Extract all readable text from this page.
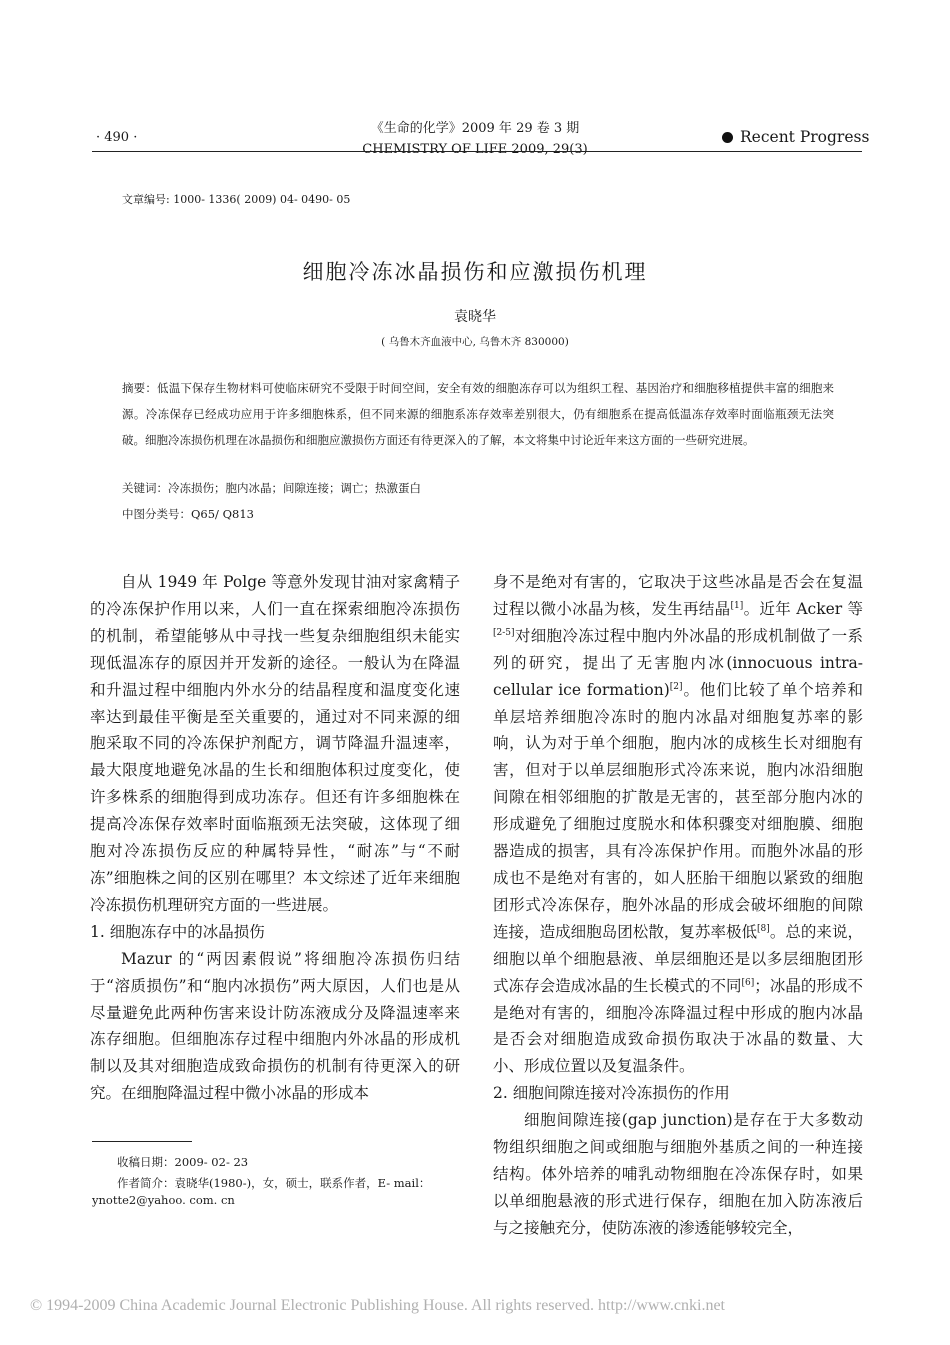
· 490 ·
《生命的化学》2009 年 29 卷 3 期
CHEMISTRY OF LIFE 2009, 29(3)
Recent Progress
文章编号: 1000- 1336( 2009) 04- 0490- 05
细胞冷冻冰晶损伤和应激损伤机理
袁晓华
( 乌鲁木齐血液中心, 乌鲁木齐 830000)
摘要：低温下保存生物材料可使临床研究不受限于时间空间，安全有效的细胞冻存可以为组织工程、基因治疗和细胞移植提供丰富的细胞来源。冷冻保存已经成功应用于许多细胞株系，但不同来源的细胞系冻存效率差别很大，仍有细胞系在提高低温冻存效率时面临瓶颈无法突破。细胞冷冻损伤机理在冰晶损伤和细胞应激损伤方面还有待更深入的了解，本文将集中讨论近年来这方面的一些研究进展。
关键词：冷冻损伤；胞内冰晶；间隙连接；调亡；热激蛋白
中图分类号：Q65/ Q813

自从 1949 年 Polge 等意外发现甘油对家禽精子的冷冻保护作用以来，人们一直在探索细胞冷冻损伤的机制，希望能够从中寻找一些复杂细胞组织未能实现低温冻存的原因并开发新的途径。一般认为在降温和升温过程中细胞内外水分的结晶程度和温度变化速率达到最佳平衡是至关重要的，通过对不同来源的细胞采取不同的冷冻保护剂配方，调节降温升温速率，最大限度地避免冰晶的生长和细胞体积过度变化，使许多株系的细胞得到成功冻存。但还有许多细胞株在提高冷冻保存效率时面临瓶颈无法突破，这体现了细胞对冷冻损伤反应的种属特异性，“耐冻”与“不耐冻”细胞株之间的区别在哪里？本文综述了近年来细胞冷冻损伤机理研究方面的一些进展。

1. 细胞冻存中的冰晶损伤

Mazur 的“两因素假说”将细胞冷冻损伤归结于“溶质损伤”和“胞内冰损伤”两大原因，人们也是从尽量避免此两种伤害来设计防冻液成分及降温速率来冻存细胞。但细胞冻存过程中细胞内外冰晶的形成机制以及其对细胞造成致命损伤的机制有待更深入的研究。在细胞降温过程中微小冰晶的形成本

身不是绝对有害的，它取决于这些冰晶是否会在复温过程以微小冰晶为核，发生再结晶[1]。近年 Acker 等[2-5]对细胞冷冻过程中胞内外冰晶的形成机制做了一系列的研究，提出了无害胞内冰(innocuous intra-cellular ice formation)[2]。他们比较了单个培养和单层培养细胞冷冻时的胞内冰晶对细胞复苏率的影响，认为对于单个细胞，胞内冰的成核生长对细胞有害，但对于以单层细胞形式冷冻来说，胞内冰沿细胞间隙在相邻细胞的扩散是无害的，甚至部分胞内冰的形成避免了细胞过度脱水和体积骤变对细胞膜、细胞器造成的损害，具有冷冻保护作用。而胞外冰晶的形成也不是绝对有害的，如人胚胎干细胞以紧致的细胞团形式冷冻保存，胞外冰晶的形成会破坏细胞的间隙连接，造成细胞岛团松散，复苏率极低[8]。总的来说，细胞以单个细胞悬液、单层细胞还是以多层细胞团形式冻存会造成冰晶的生长模式的不同[6]；冰晶的形成不是绝对有害的，细胞冷冻降温过程中形成的胞内冰晶是否会对细胞造成致命损伤取决于冰晶的数量、大小、形成位置以及复温条件。

2. 细胞间隙连接对冷冻损伤的作用

细胞间隙连接(gap junction)是存在于大多数动物组织细胞之间或细胞与细胞外基质之间的一种连接结构。体外培养的哺乳动物细胞在冷冻保存时，如果以单细胞悬液的形式进行保存，细胞在加入防冻液后与之接触充分，使防冻液的渗透能够较完全，

收稿日期：2009- 02- 23
作者简介：袁晓华(1980-)，女，硕士，联系作者，E- mail：
ynotte2@yahoo. com. cn
© 1994-2009 China Academic Journal Electronic Publishing House. All rights reserved. http://www.cnki.net
